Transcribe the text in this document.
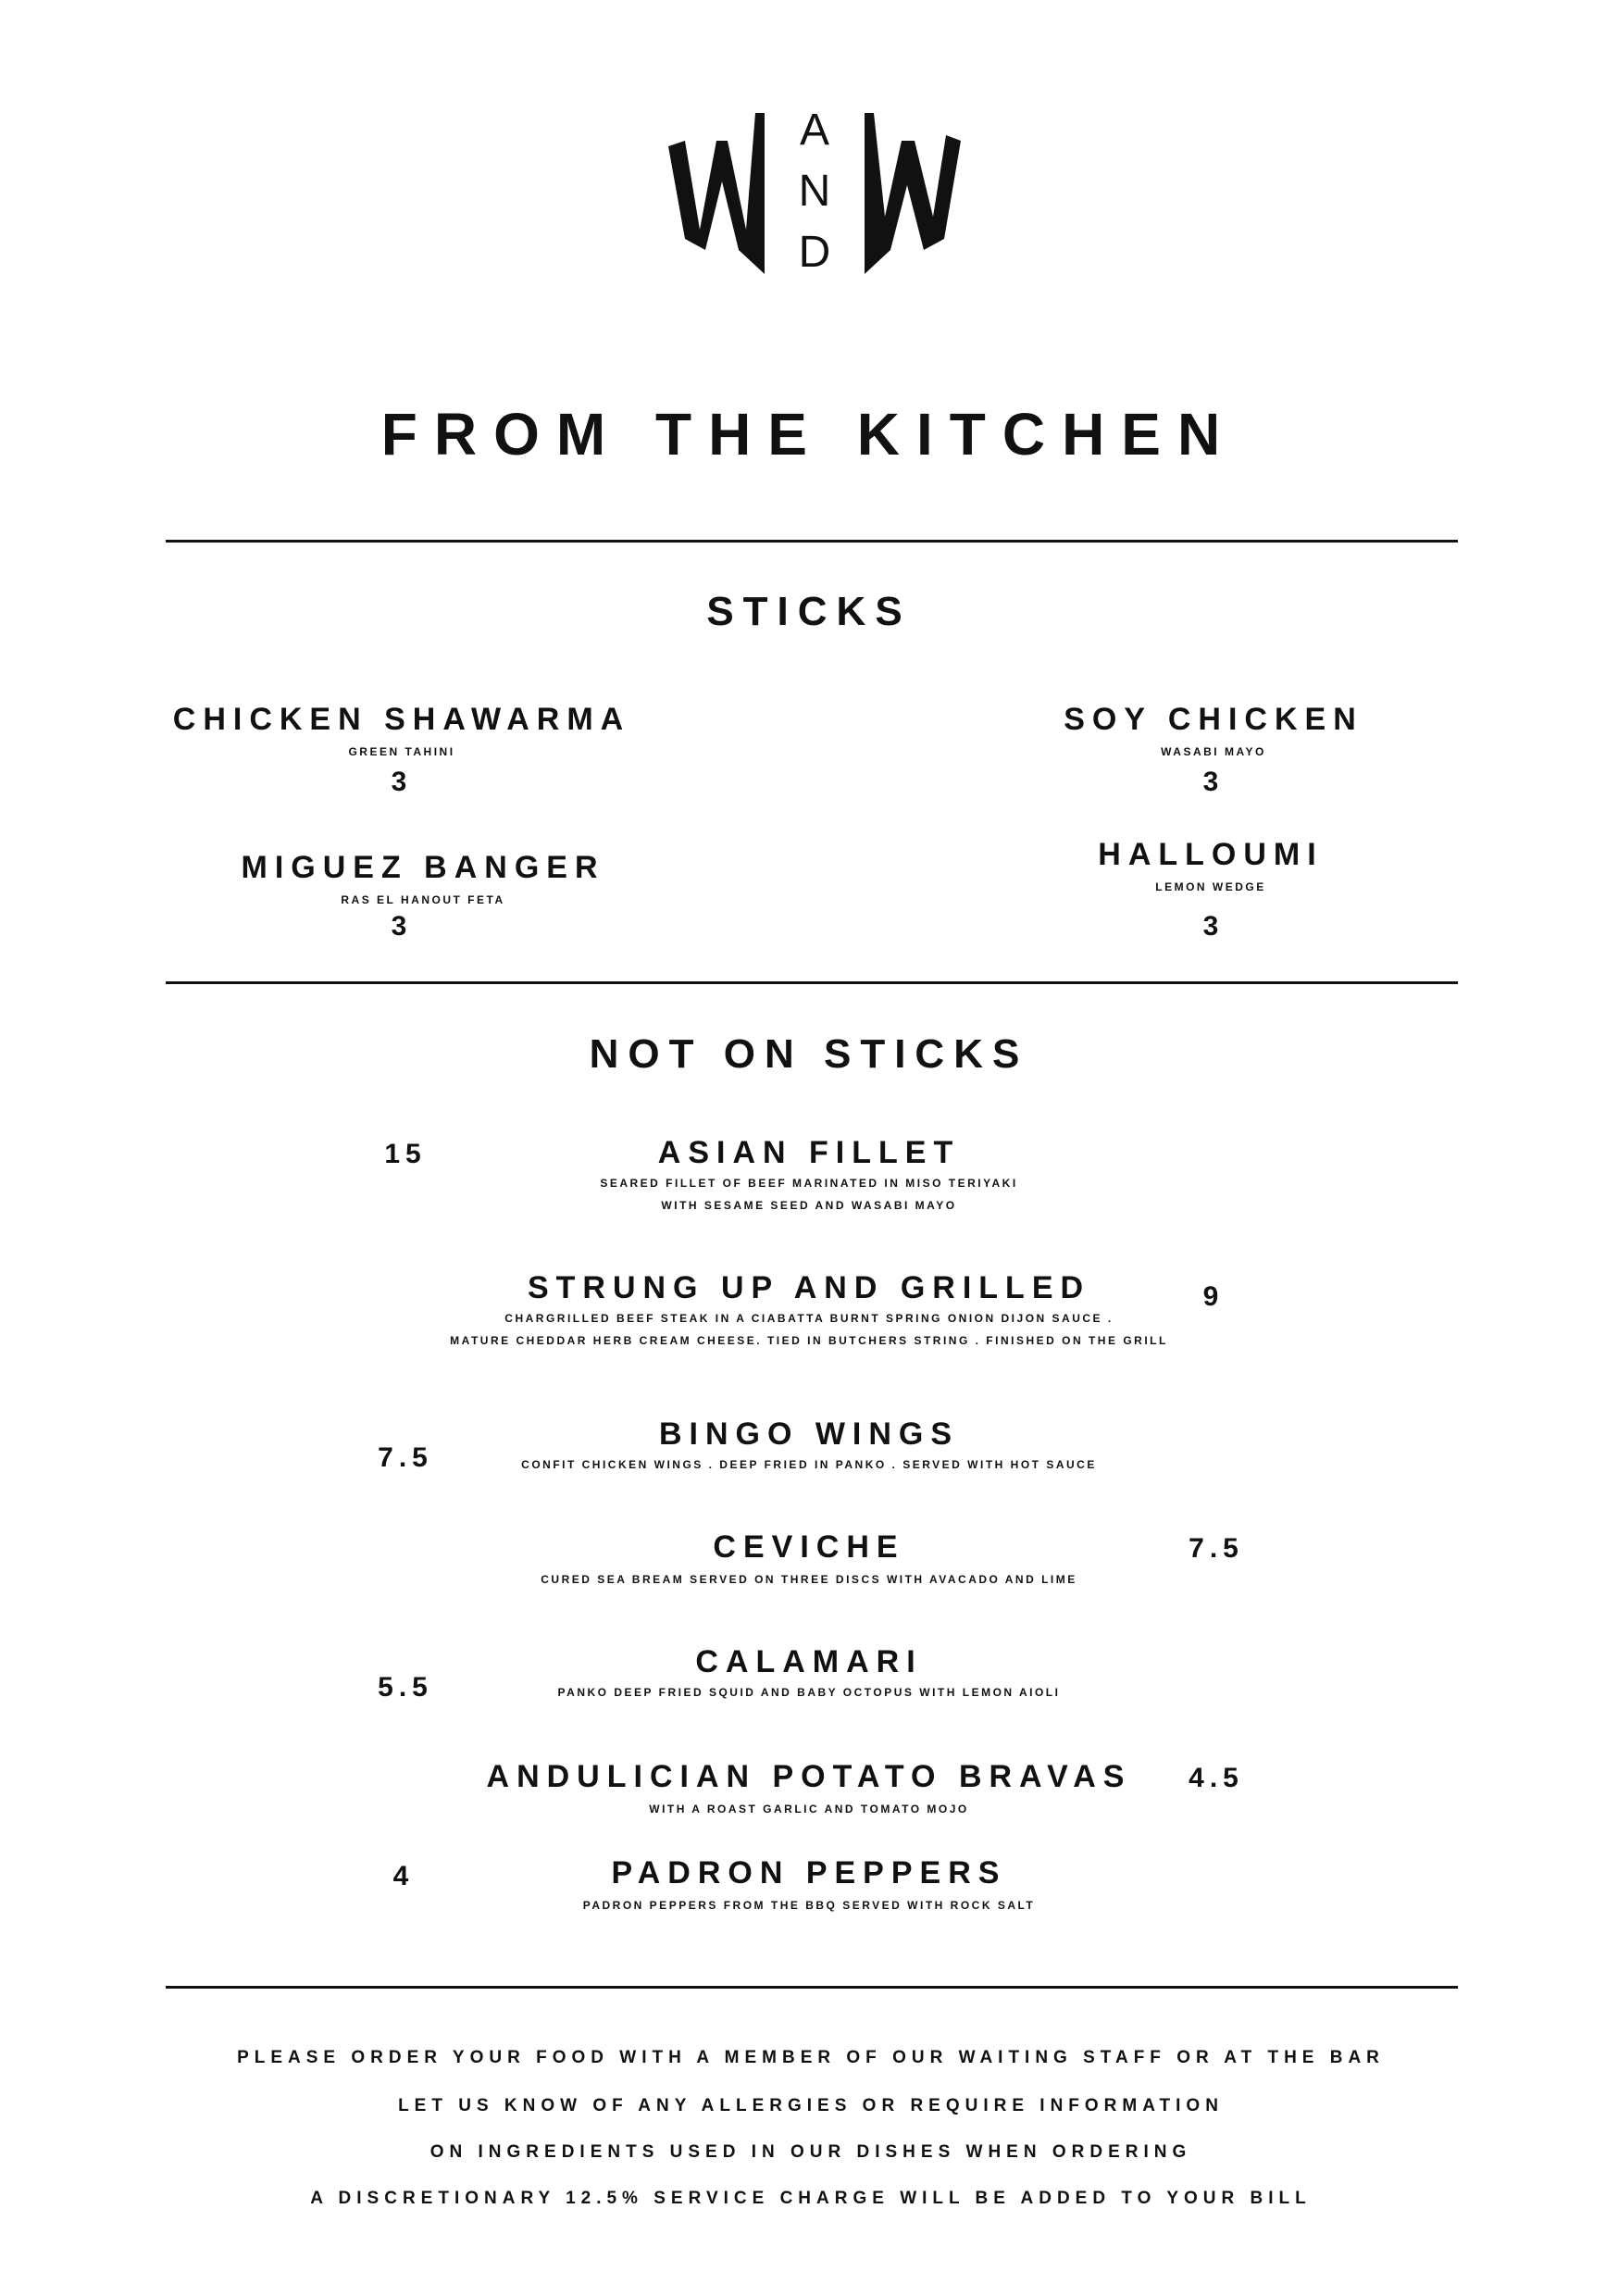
A
N
D
FROM THE KITCHEN
STICKS
CHICKEN SHAWARMA
GREEN TAHINI
3
SOY CHICKEN
WASABI MAYO
3
MIGUEZ BANGER
RAS EL HANOUT FETA
3
HALLOUMI
LEMON WEDGE
3
NOT ON STICKS
ASIAN FILLET
SEARED FILLET OF BEEF MARINATED IN MISO TERIYAKI
WITH SESAME SEED AND WASABI MAYO
15
STRUNG UP AND GRILLED
CHARGRILLED BEEF STEAK IN A CIABATTA BURNT SPRING ONION DIJON SAUCE .
MATURE CHEDDAR HERB CREAM CHEESE. TIED IN BUTCHERS STRING . FINISHED ON THE GRILL
9
BINGO WINGS
CONFIT CHICKEN WINGS . DEEP FRIED IN PANKO . SERVED WITH HOT SAUCE
7.5
CEVICHE
CURED SEA BREAM SERVED ON THREE DISCS WITH AVACADO AND LIME
7.5
CALAMARI
PANKO DEEP FRIED SQUID AND BABY OCTOPUS WITH LEMON AIOLI
5.5
ANDULICIAN POTATO BRAVAS
WITH A ROAST GARLIC AND TOMATO MOJO
4.5
PADRON PEPPERS
PADRON PEPPERS FROM THE BBQ SERVED WITH ROCK SALT
4
PLEASE ORDER YOUR FOOD WITH A MEMBER OF OUR WAITING STAFF OR AT THE BAR
LET US KNOW OF ANY ALLERGIES OR REQUIRE INFORMATION
ON INGREDIENTS USED IN OUR DISHES WHEN ORDERING
A DISCRETIONARY 12.5% SERVICE CHARGE WILL BE ADDED TO YOUR BILL
